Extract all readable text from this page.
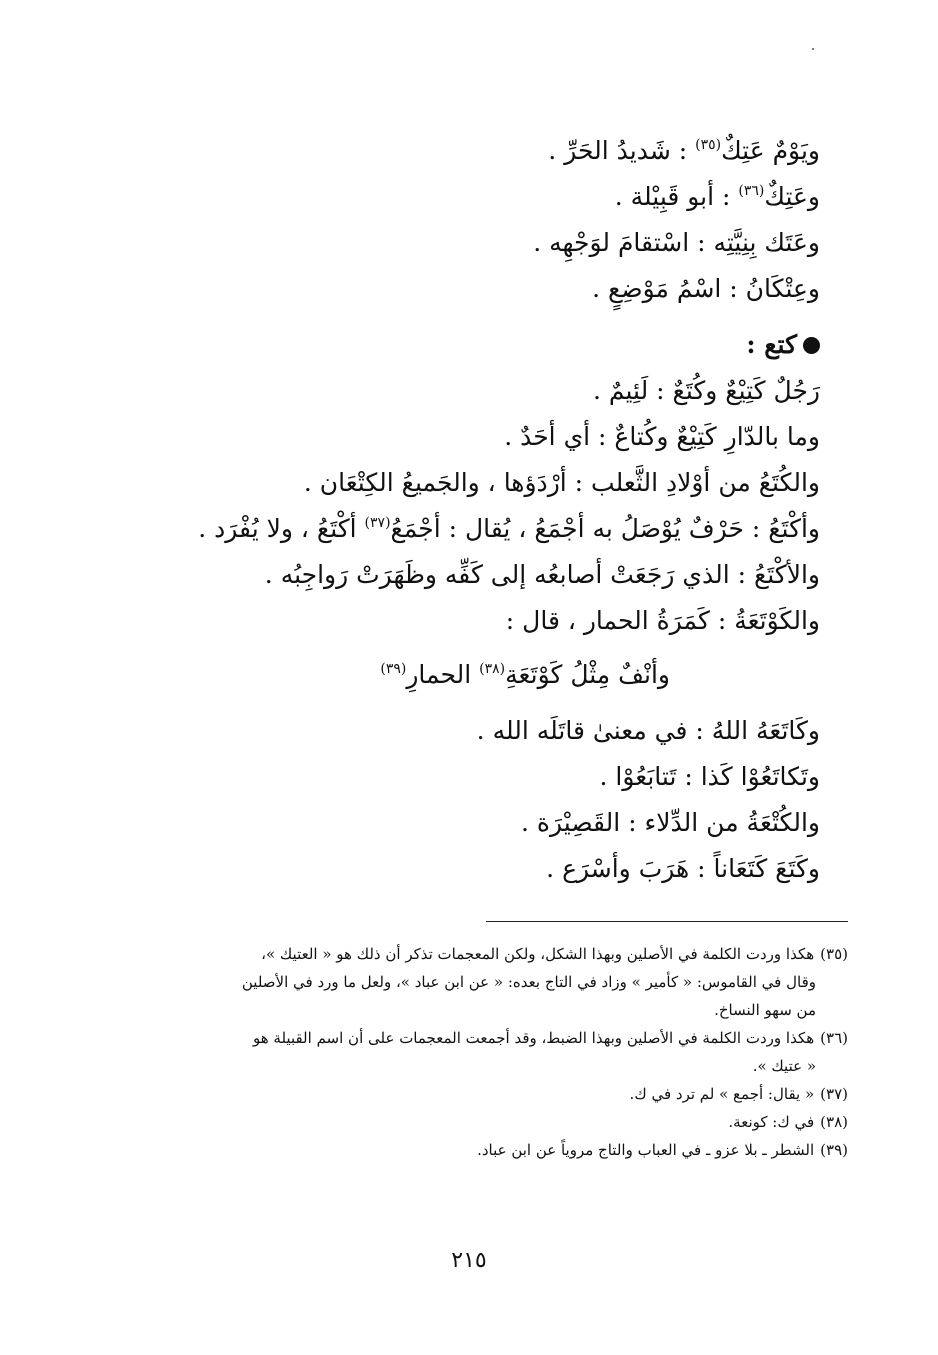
ويَوْمٌ عَتِكٌ$^{(٣٥)}$ : شَديدُ الحَرِّ .
وعَتِكٌ$^{(٣٦)}$ : أبو قَبِيْلة .
وعَتَك بِنِيَّتِه : اسْتقامَ لوَجْهِه .
وعِتْكَانُ : اسْمُ مَوْضِعٍ .
كتع :
رَجُلٌ كَتِيْعٌ وكُتَعٌ : لَئِيمٌ .
وما بالدّارِ كَتِيْعٌ وكُتاعٌ : أي أحَدٌ .
والكُتَعُ من أوْلادِ الثَّعلب : أرْدَؤها ، والجَميعُ الكِتْعَان .
وأكْتَعُ : حَرْفٌ يُوْصَلُ به أجْمَعُ ، يُقال : أجْمَعُ$^{(٣٧)}$ أكْتَعُ ، ولا يُفْرَد .
والأكْتَعُ : الذي رَجَعَتْ أصابعُه إلى كَفِّه وظَهَرَتْ رَواجِبُه .
والكَوْتَعَةُ : كَمَرَةُ الحمار ، قال :
وأنْفٌ مِثْلُ كَوْتَعَةِ$^{(٣٨)}$ الحمارِ$^{(٣٩)}$
وكَاتَعَهُ اللهُ : في معنىٰ قاتَلَه الله .
وتَكاتَعُوْا كَذا : تَتابَعُوْا .
والكُتْعَةُ من الدِّلاء : القَصِيْرَة .
وكَتَعَ كَتَعَاناً : هَرَبَ وأسْرَع .
(٣٥)هكذا وردت الكلمة في الأصلين وبهذا الشكل، ولكن المعجمات تذكر أن ذلك هو « العتيك »،
وقال في القاموس: « كأمير » وزاد في التاج بعده: « عن ابن عباد »، ولعل ما ورد في الأصلين
من سهو النساخ.
(٣٦)هكذا وردت الكلمة في الأصلين وبهذا الضبط، وقد أجمعت المعجمات على أن اسم القبيلة هو
« عتيك ».
(٣٧)« يقال: أجمع » لم ترد في ك.
(٣٨)في ك: كونعة.
(٣٩)الشطر ـ بلا عزو ـ في العباب والتاج مروياً عن ابن عباد.
٢١٥
